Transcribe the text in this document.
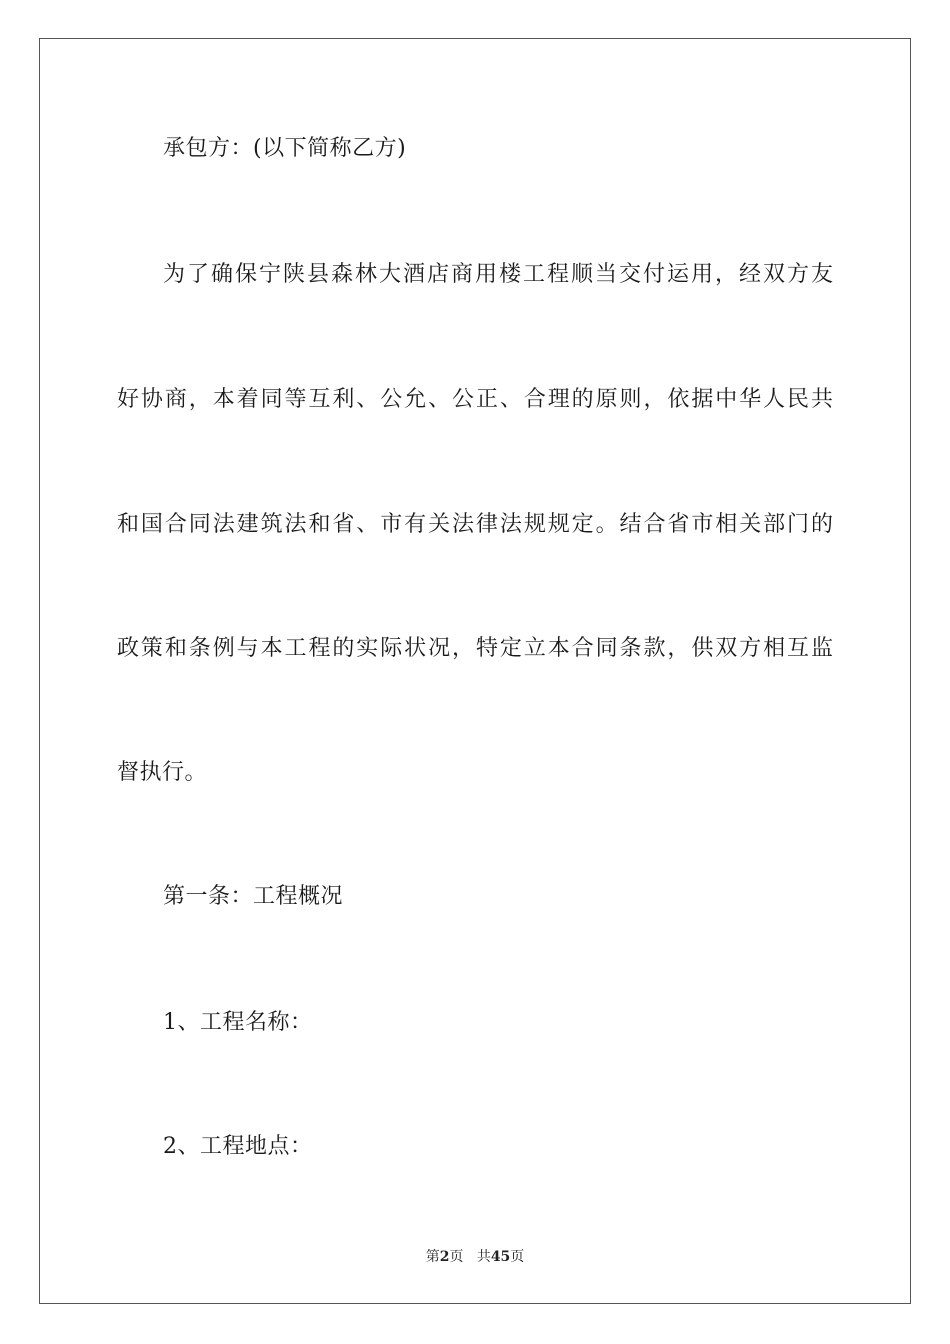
承包方：(以下简称乙方)
为了确保宁陕县森林大酒店商用楼工程顺当交付运用，经双方友
好协商，本着同等互利、公允、公正、合理的原则，依据中华人民共
和国合同法建筑法和省、市有关法律法规规定。结合省市相关部门的
政策和条例与本工程的实际状况，特定立本合同条款，供双方相互监
督执行。
第一条：工程概况
1、工程名称：
2、工程地点：
第2页 共45页
